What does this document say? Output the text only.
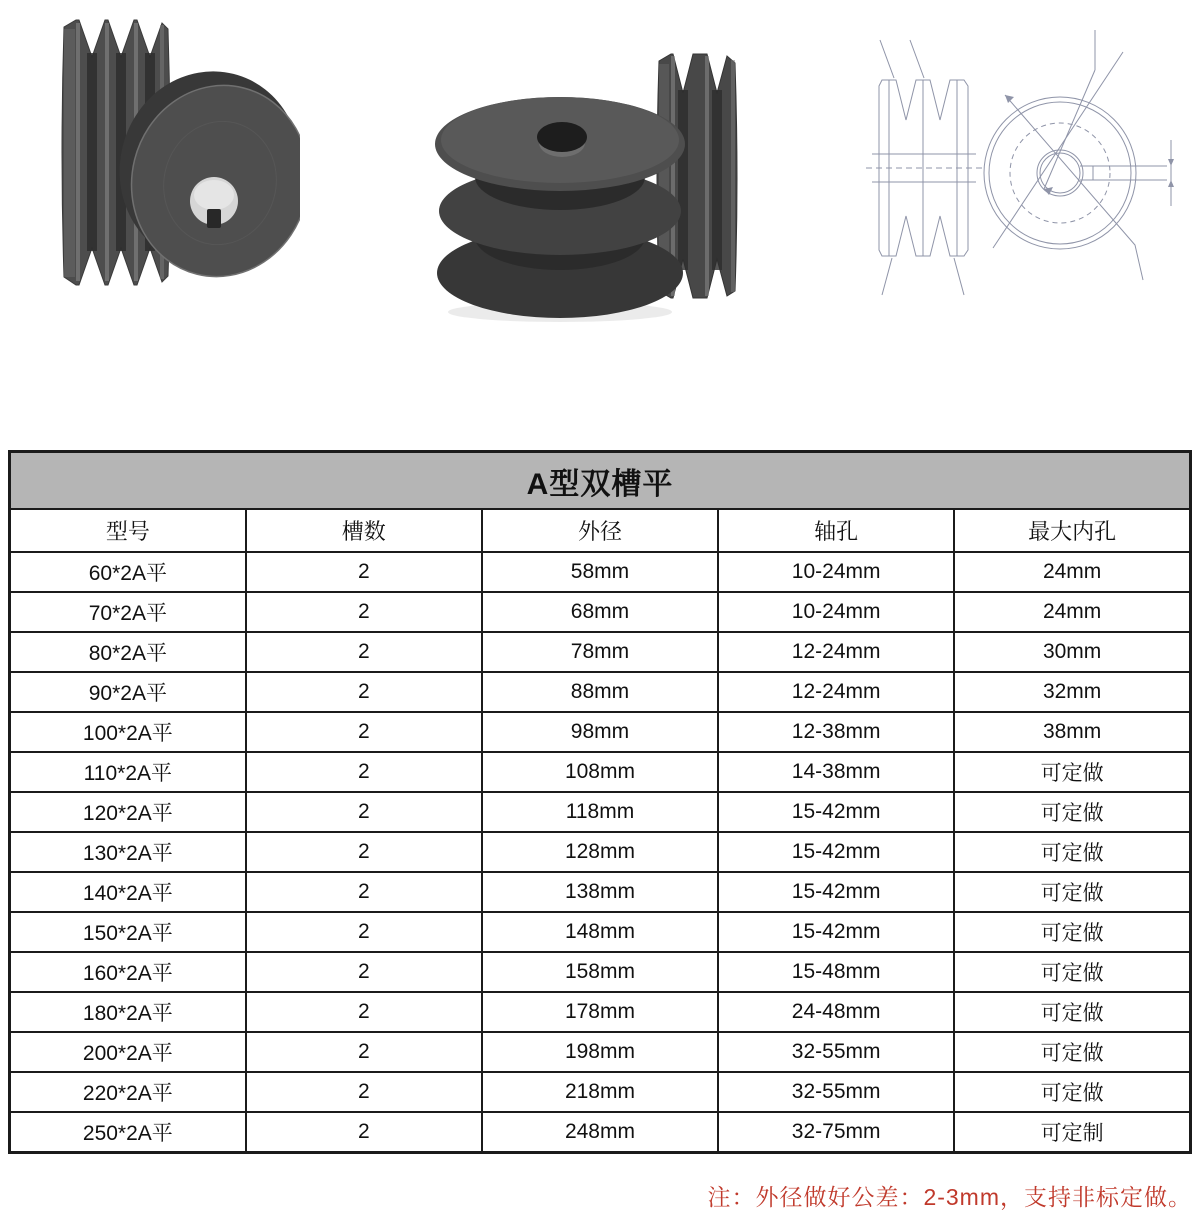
A型双槽平				
型号	槽数	外径	轴孔	最大内孔
60*2A平	2	58mm	10-24mm	24mm
70*2A平	2	68mm	10-24mm	24mm
80*2A平	2	78mm	12-24mm	30mm
90*2A平	2	88mm	12-24mm	32mm
100*2A平	2	98mm	12-38mm	38mm
110*2A平	2	108mm	14-38mm	可定做
120*2A平	2	118mm	15-42mm	可定做
130*2A平	2	128mm	15-42mm	可定做
140*2A平	2	138mm	15-42mm	可定做
150*2A平	2	148mm	15-42mm	可定做
160*2A平	2	158mm	15-48mm	可定做
180*2A平	2	178mm	24-48mm	可定做
200*2A平	2	198mm	32-55mm	可定做
220*2A平	2	218mm	32-55mm	可定做
250*2A平	2	248mm	32-75mm	可定制
注：外径做好公差：2-3mm，支持非标定做。
